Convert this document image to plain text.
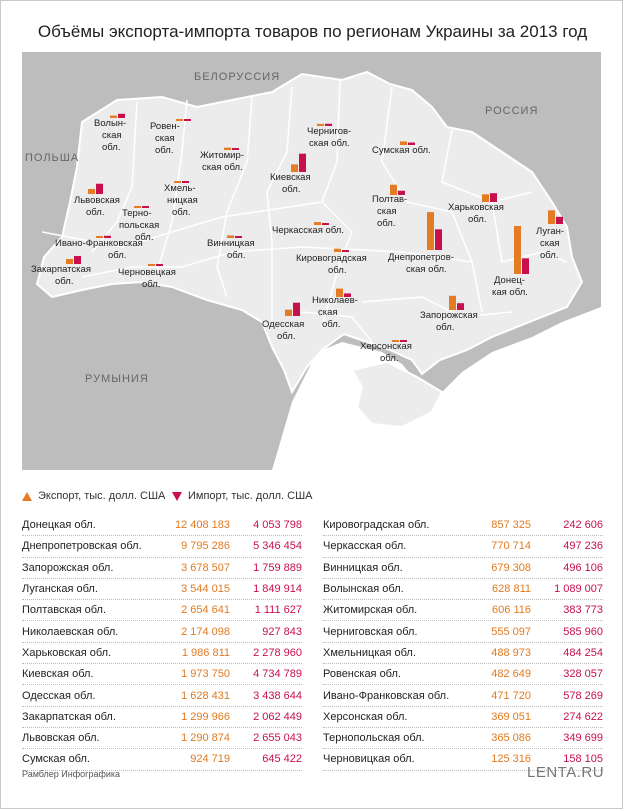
Объёмы экспорта-импорта товаров по регионам Украины за 2013 год
БЕЛОРУССИЯ
РОССИЯ
ПОЛЬША
РУМЫНИЯ
Волын-ская обл.
Ровен-ская обл.	Житомир-ская обл.
Чернигов-ская обл.
Сумская обл.
Львовская обл.
Хмель-ницкая обл.
Киевская обл.
Полтав-ская обл.
Харьковская обл.
Луган-ская обл.
Терно-польская обл.
Ивано-Франковская обл.
Винницкая обл.
Черкасская обл.
Закарпатская обл.
Черновецкая обл.
Кировоградская обл.
Днепропетров-ская обл.
Донец-кая обл.
Одесская обл.
Николаев-ская обл.
Запорожская обл.
Херсонская обл.
Экспорт, тыс. долл. США Импорт, тыс. долл. США
Донецкая обл.	12 408 183	4 053 798
Днепропетровская обл.	9 795 286	5 346 454
Запорожская обл.	3 678 507	1 759 889
Луганская обл.	3 544 015	1 849 914
Полтавская обл.	2 654 641	1 111 627
Николаевская обл.	2 174 098	927 843
Харьковская обл.	1 986 811	2 278 960
Киевская обл.	1 973 750	4 734 789
Одесская обл.	1 628 431	3 438 644
Закарпатская обл.	1 299 966	2 062 449
Львовская обл.	1 290 874	2 655 043
Сумская обл.	924 719	645 422
Кировоградская обл.	857 325	242 606
Черкасская обл.	770 714	497 236
Винницкая обл.	679 308	496 106
Волынская обл.	628 811	1 089 007
Житомирская обл.	606 116	383 773
Черниговская обл.	555 097	585 960
Хмельницкая обл.	488 973	484 254
Ровенская обл.	482 649	328 057
Ивано-Франковская обл.	471 720	578 269
Херсонская обл.	369 051	274 622
Тернопольская обл.	365 086	349 699
Черновицкая обл.	125 316	158 105
Рамблер Инфографика	LENTA.RU
